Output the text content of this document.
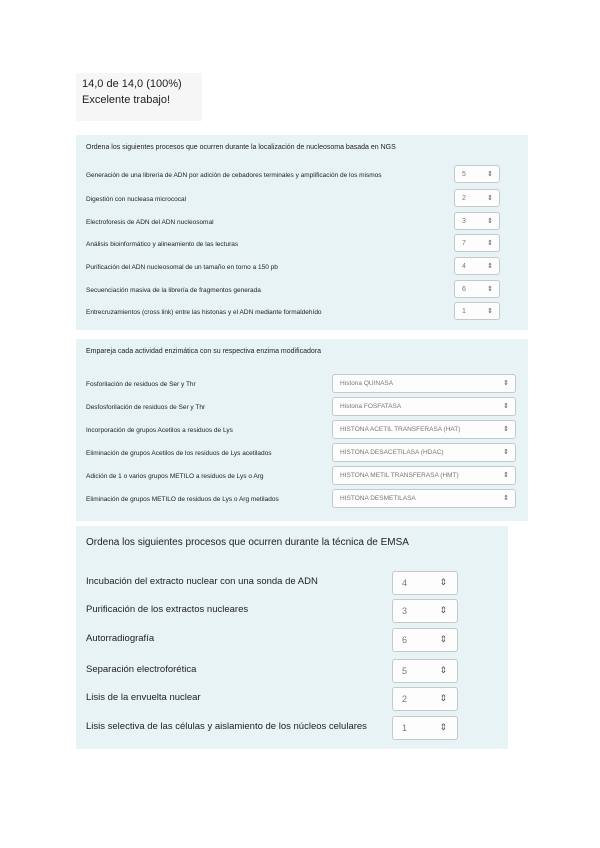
14,0 de 14,0 (100%)
Excelente trabajo!
Ordena los siguientes procesos que ocurren durante la localización de nucleosoma basada en NGS
Generación de una librería de ADN por adición de cebadores terminales y amplificación de los mismos	5	⇕
Digestión con nucleasa micrococal	2	⇕
Electroforesis de ADN del ADN nucleosomal	3	⇕
Análisis bioinformático y alineamiento de las lecturas	7	⇕
Purificación del ADN nucleosomal de un tamaño en torno a 150 pb	4	⇕
Secuenciación masiva de la librería de fragmentos generada	6	⇕
Entrecruzamientos (cross link) entre las histonas y el ADN mediante formaldehído	1	⇕
Empareja cada actividad enzimática con su respectiva enzima modificadora
Fosforilación de residuos de Ser y Thr	Histona QUINASA	⇕
Desfosforilación de residuos de Ser y Thr	Histona FOSFATASA	⇕
Incorporación de grupos Acetilos a residuos de Lys	HISTONA ACETIL TRANSFERASA (HAT)	⇕
Eliminación de grupos Acetilos de los residuos de Lys acetilados	HISTONA DESACETILASA (HDAC)	⇕
Adición de 1 o varios grupos METILO a residuos de Lys o Arg	HISTONA METIL TRANSFERASA (HMT)	⇕
Eliminación de grupos METILO de residuos de Lys o Arg metilados	HISTONA DESMETILASA	⇕
Ordena los siguientes procesos que ocurren durante la técnica de EMSA
Incubación del extracto nuclear con una sonda de ADN	4	⇕
Purificación de los extractos nucleares	3	⇕
Autorradiografía	6	⇕
Separación electroforética	5	⇕
Lisis de la envuelta nuclear	2	⇕
Lisis selectiva de las células y aislamiento de los núcleos celulares	1	⇕
